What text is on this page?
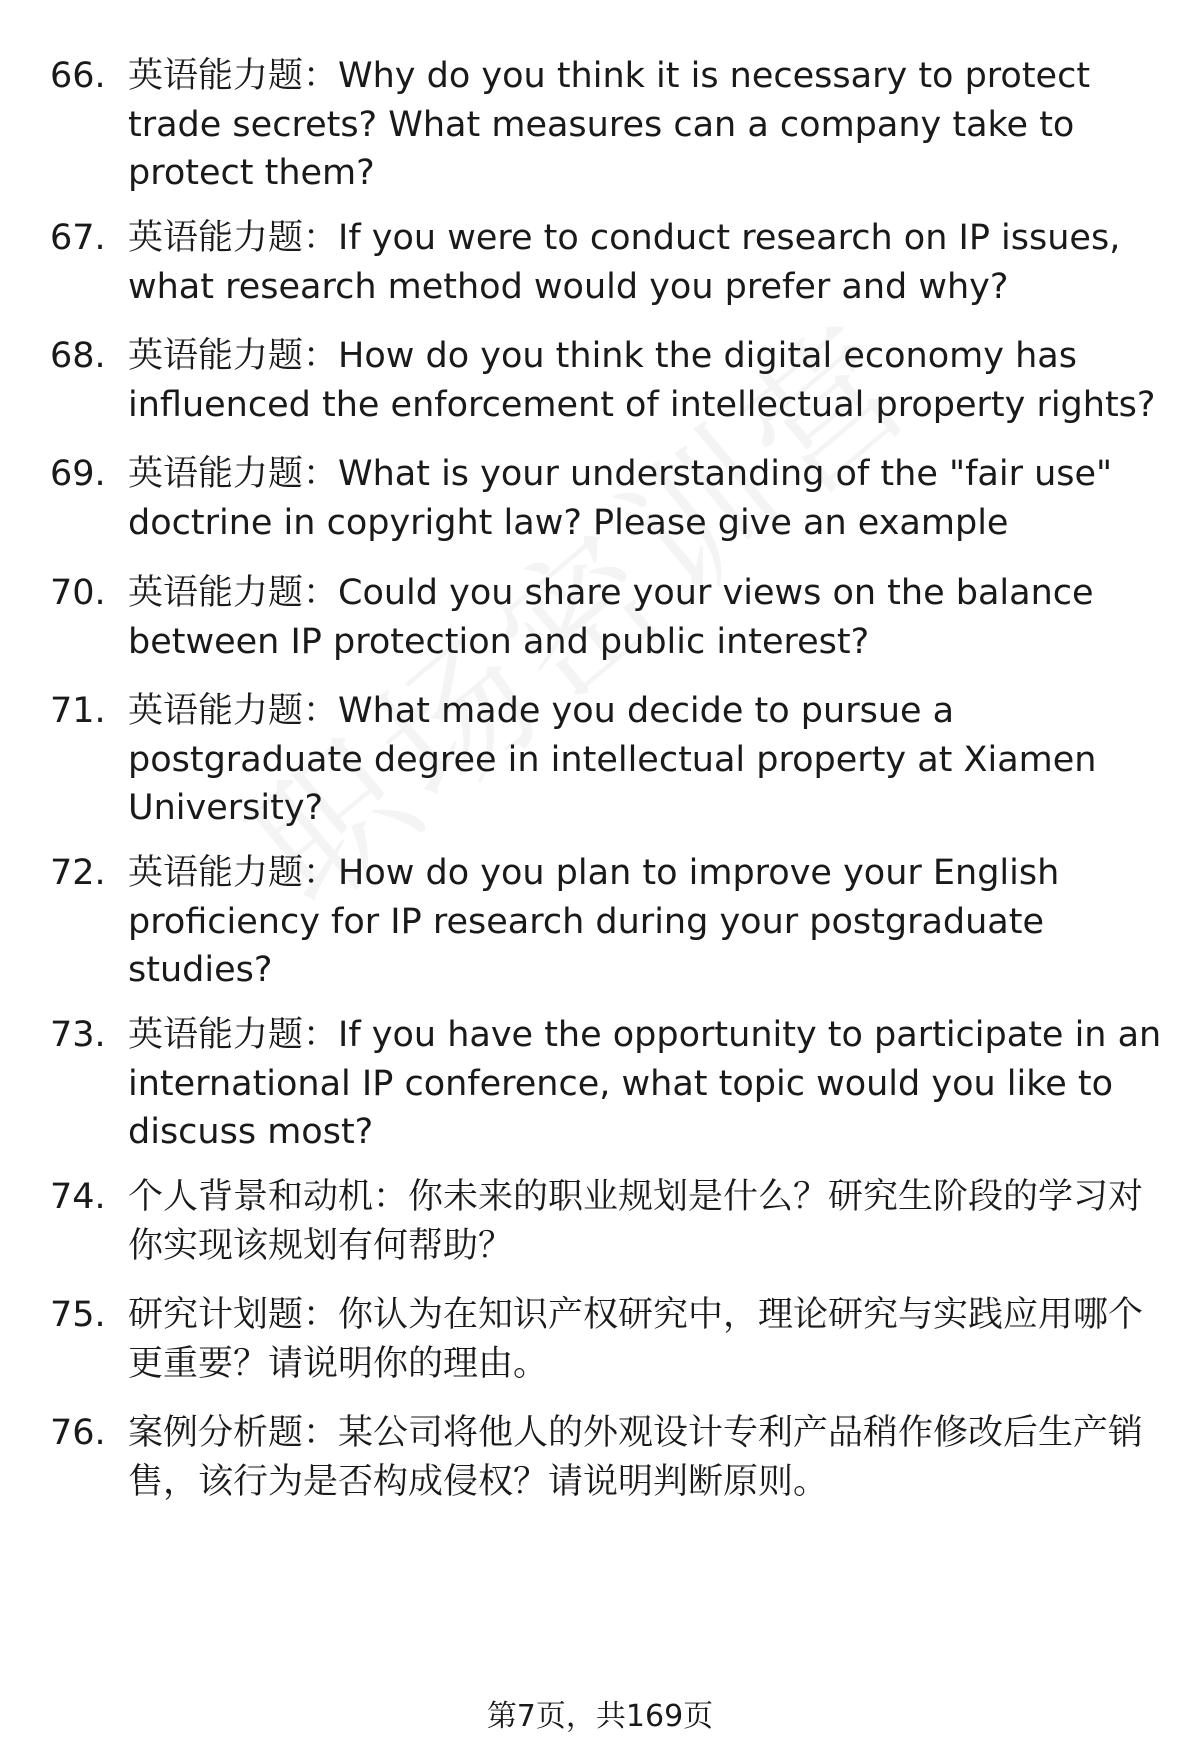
66. 英语能力题：Why do you think it is necessary to protect trade secrets? What measures can a company take to protect them?
67. 英语能力题：If you were to conduct research on IP issues, what research method would you prefer and why?
68. 英语能力题：How do you think the digital economy has influenced the enforcement of intellectual property rights?
69. 英语能力题：What is your understanding of the "fair use" doctrine in copyright law? Please give an example
70. 英语能力题：Could you share your views on the balance between IP protection and public interest?
71. 英语能力题：What made you decide to pursue a postgraduate degree in intellectual property at Xiamen University?
72. 英语能力题：How do you plan to improve your English proficiency for IP research during your postgraduate studies?
73. 英语能力题：If you have the opportunity to participate in an international IP conference, what topic would you like to discuss most?
74. 个人背景和动机：你未来的职业规划是什么？研究生阶段的学习对你实现该规划有何帮助？
75. 研究计划题：你认为在知识产权研究中，理论研究与实践应用哪个更重要？请说明你的理由。
76. 案例分析题：某公司将他人的外观设计专利产品稍作修改后生产销售，该行为是否构成侵权？请说明判断原则。
第7页，共169页
